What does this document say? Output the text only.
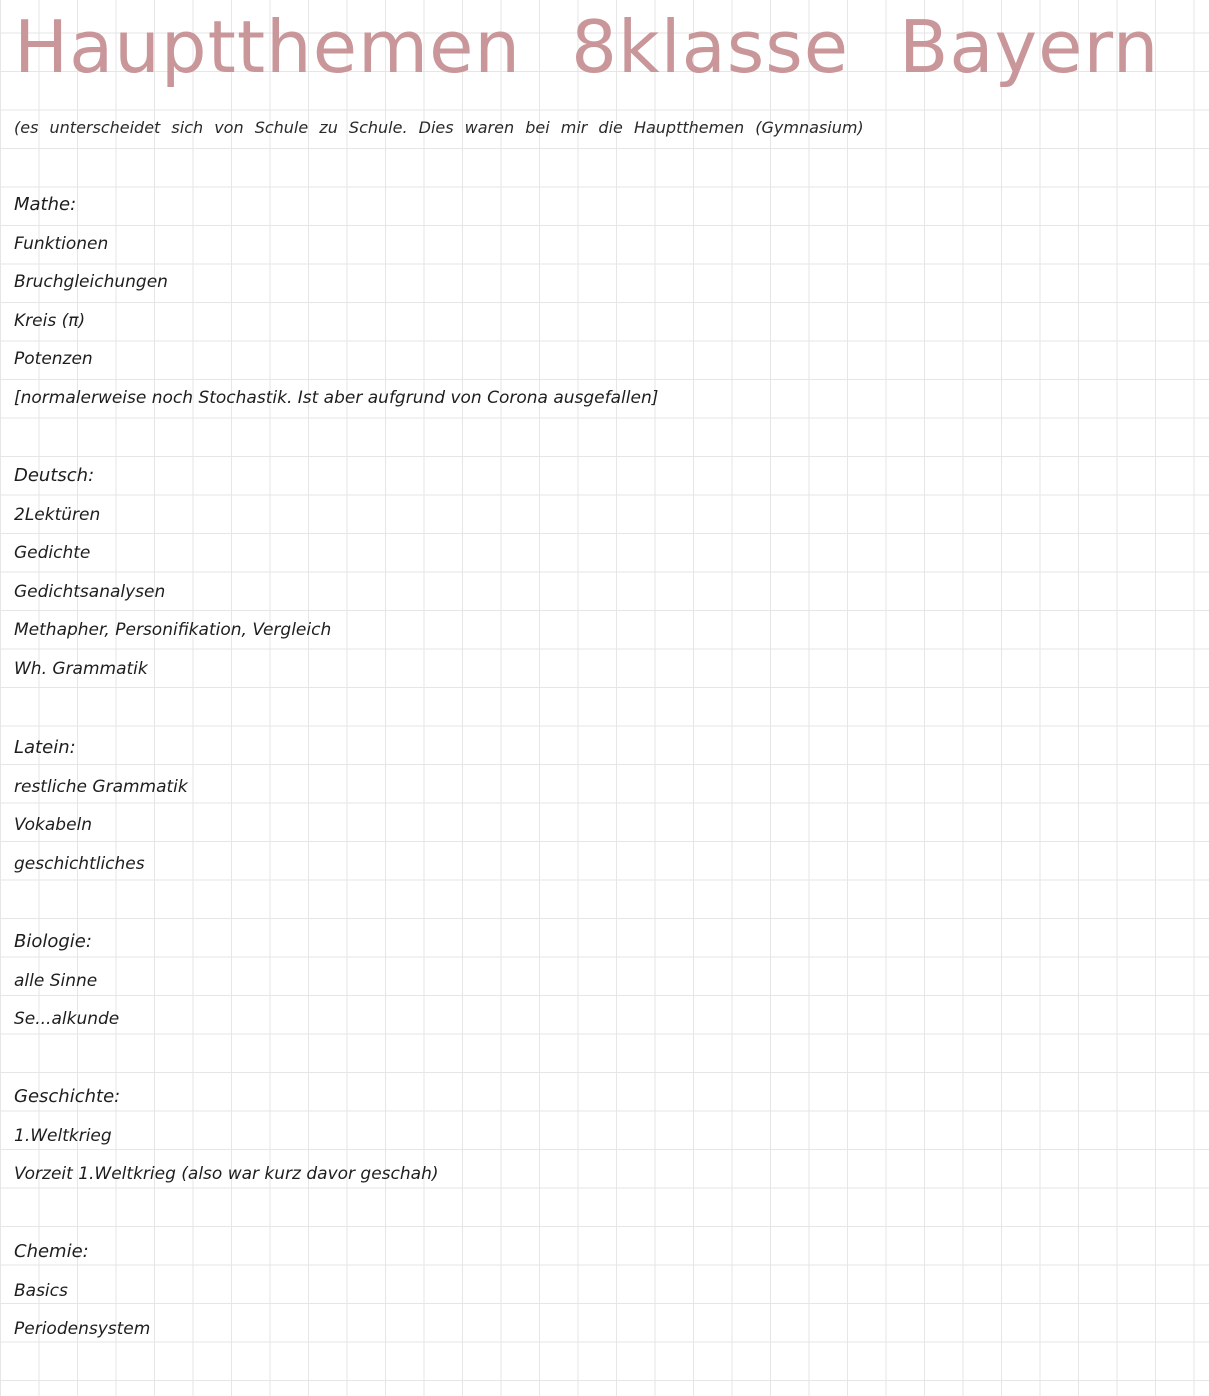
Hauptthemen 8klasse Bayern
(es unterscheidet sich von Schule zu Schule. Dies waren bei mir die Hauptthemen (Gymnasium)
Mathe:
Funktionen
Bruchgleichungen
Kreis (π)
Potenzen
[normalerweise noch Stochastik. Ist aber aufgrund von Corona ausgefallen]
Deutsch:
2Lektüren
Gedichte
Gedichtsanalysen
Methapher, Personifikation, Vergleich
Wh. Grammatik
Latein:
restliche Grammatik
Vokabeln
geschichtliches
Biologie:
alle Sinne
Se...alkunde
Geschichte:
1.Weltkrieg
Vorzeit 1.Weltkrieg (also war kurz davor geschah)
Chemie:
Basics
Periodensystem
